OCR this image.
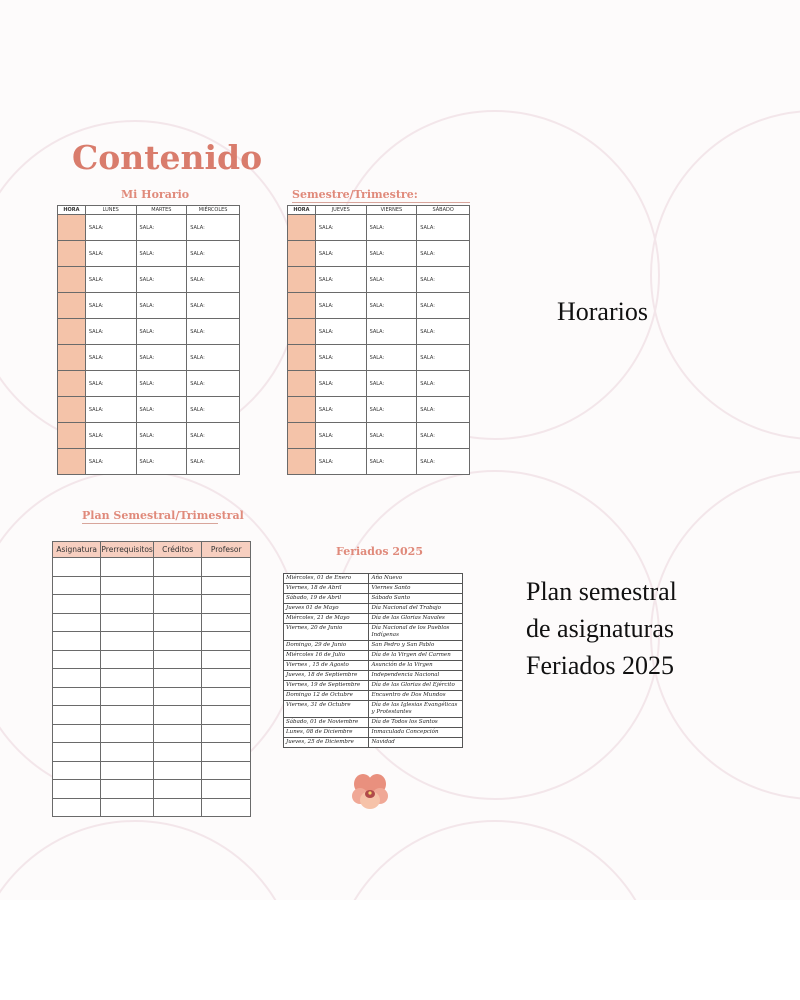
Contenido
Mi Horario
HORA	LUNES	MARTES	MIÉRCOLES
	SALA:	SALA:	SALA:
	SALA:	SALA:	SALA:
	SALA:	SALA:	SALA:
	SALA:	SALA:	SALA:
	SALA:	SALA:	SALA:
	SALA:	SALA:	SALA:
	SALA:	SALA:	SALA:
	SALA:	SALA:	SALA:
	SALA:	SALA:	SALA:
	SALA:	SALA:	SALA:
Semestre/Trimestre:
HORA	JUEVES	VIERNES	SÁBADO
	SALA:	SALA:	SALA:
	SALA:	SALA:	SALA:
	SALA:	SALA:	SALA:
	SALA:	SALA:	SALA:
	SALA:	SALA:	SALA:
	SALA:	SALA:	SALA:
	SALA:	SALA:	SALA:
	SALA:	SALA:	SALA:
	SALA:	SALA:	SALA:
	SALA:	SALA:	SALA:
Plan Semestral/Trimestral
Asignatura	Prerrequisitos	Créditos	Profesor

				Feriados 2025
Miércoles, 01 de Enero	Año Nuevo
Viernes, 18 de Abril	Viernes Santo
Sábado, 19 de Abril	Sábado Santo
Jueves 01 de Mayo	Día Nacional del Trabajo
Miércoles, 21 de Mayo	Día de las Glorias Navales
Viernes, 20 de Junio	Día Nacional de los Pueblos Indígenas
Domingo, 29 de Junio	San Pedro y San Pablo
Miércoles 16 de Julio	Día de la Virgen del Carmen
Viernes , 15 de Agosto	Asunción de la Virgen
Jueves, 18 de Septiembre	Independencia Nacional
Viernes, 19 de Septiembre	Día de las Glorias del Ejército
Domingo 12 de Octubre	Encuentro de Dos Mundos
Viernes, 31 de Octubre	Día de las Iglesias Evangélicas y Protestantes
Sábado, 01 de Noviembre	Día de Todos los Santos
Lunes, 08 de Diciembre	Inmaculada Concepción
Jueves, 25 de Diciembre	Navidad
Horarios
Plan semestral
de asignaturas
Feriados 2025
